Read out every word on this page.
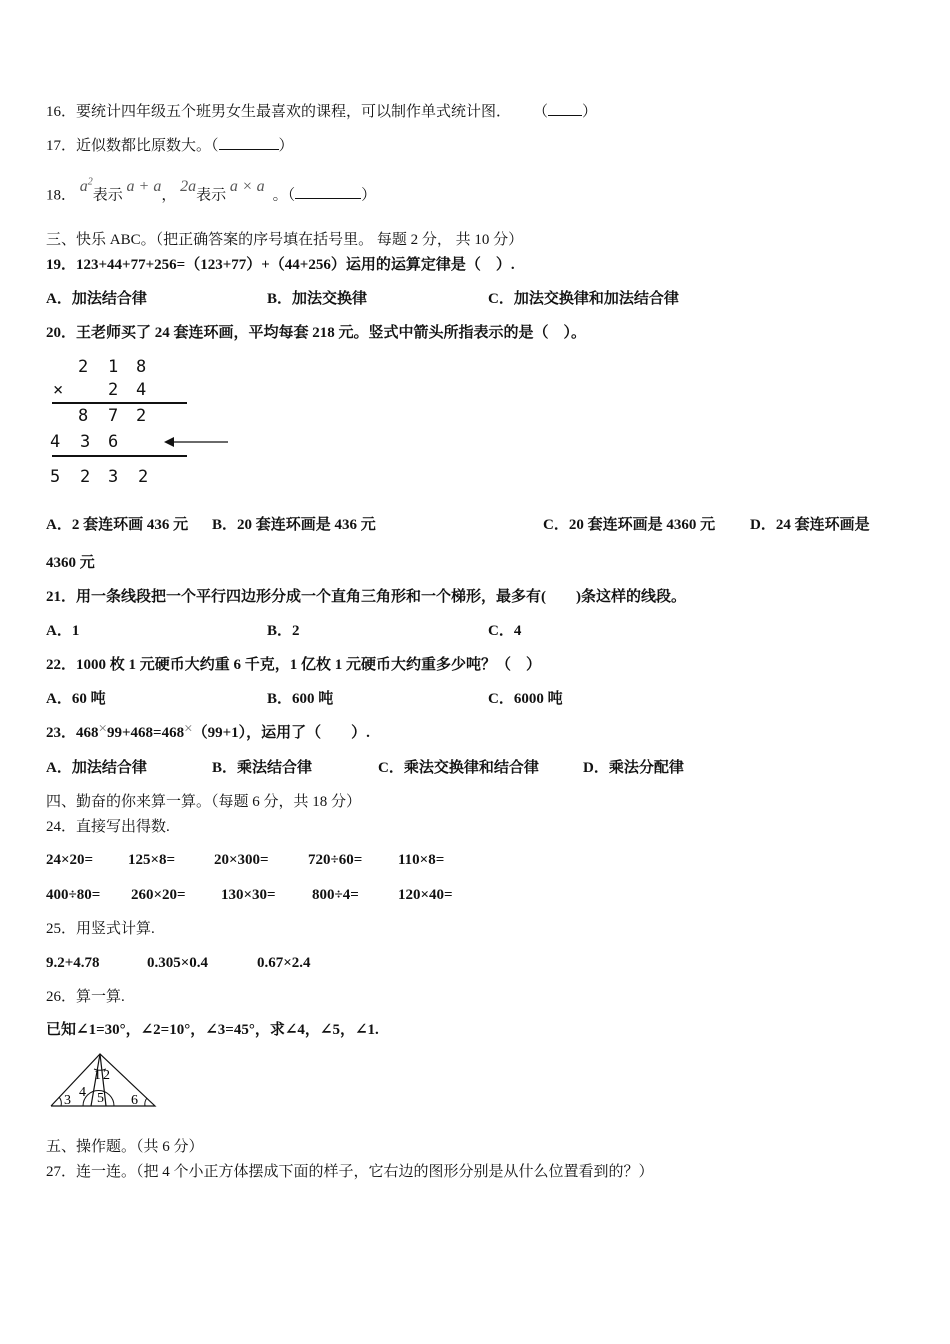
16．要统计四年级五个班男女生最喜欢的课程，可以制作单式统计图． （ ）
17．近似数都比原数大。（	）
18． $a^2$表示 a + a， 2a表示 a × a 。（	）
三、快乐 ABC。（把正确答案的序号填在括号里。 每题 2 分， 共 10 分）
19．123+44+77+256=（123+77）+（44+256）运用的运算定律是（　）.
A．加法结合律	B．加法交换律	C．加法交换律和加法结合律
20．王老师买了 24 套连环画，平均每套 218 元。竖式中箭头所指表示的是（　）。
2 1 8
×	2 4
8 7 2
4 3 6
5 2 3 2
A．2 套连环画 436 元 B．20 套连环画是 436 元	C．20 套连环画是 4360 元 D．24 套连环画是
4360 元
21．用一条线段把一个平行四边形分成一个直角三角形和一个梯形，最多有(　　)条这样的线段。
A．1	B．2	C．4
22．1000 枚 1 元硬币大约重 6 千克，1 亿枚 1 元硬币大约重多少吨？（　）
A．60 吨	B．600 吨	C．6000 吨
23．468×99+468=468×（99+1），运用了（　　）.
A．加法结合律	B．乘法结合律	C．乘法交换律和结合律	D．乘法分配律
四、勤奋的你来算一算。（每题 6 分，共 18 分）
24．直接写出得数.
24×20= 125×8=	20×300=	720÷60= 110×8=
400÷80= 260×20= 130×30= 800÷4=	120×40=
25．用竖式计算.
9.2+4.78	0.305×0.4	0.67×2.4
26．算一算.
已知∠1=30°，∠2=10°，∠3=45°，求∠4，∠5，∠1.
1 2
3
4 5 6
五、操作题。（共 6 分）
27．连一连。（把 4 个小正方体摆成下面的样子，它右边的图形分别是从什么位置看到的？）
